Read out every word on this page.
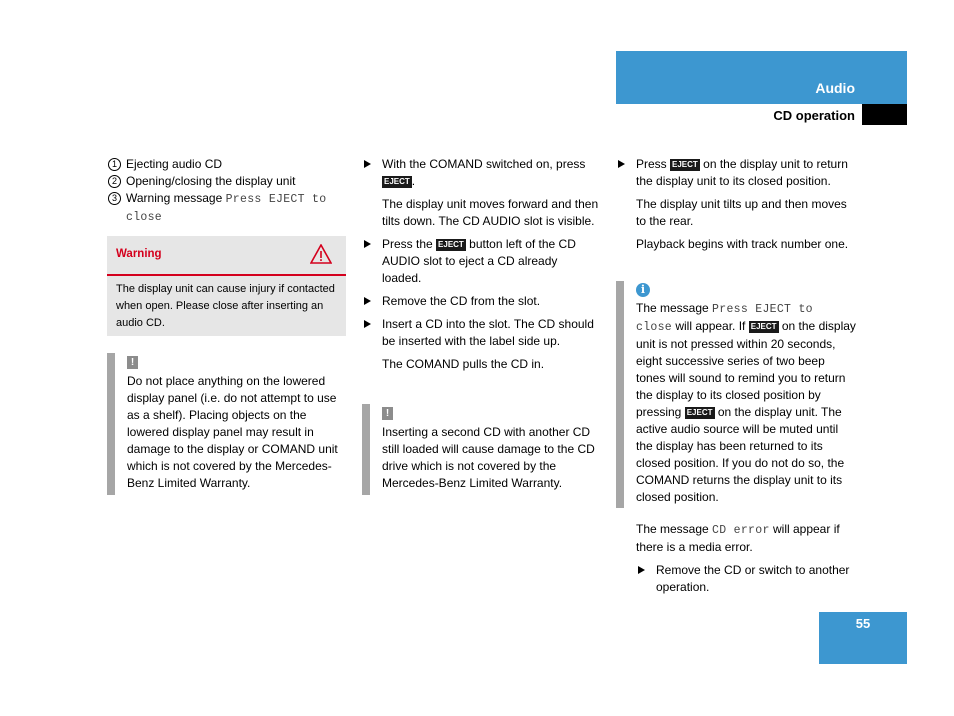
Audio
CD operation
1 Ejecting audio CD
2 Opening/closing the display unit
3 Warning message Press EJECT to close
Warning
The display unit can cause injury if contacted when open. Please close after inserting an audio CD.
!
Do not place anything on the lowered display panel (i.e. do not attempt to use as a shelf). Placing objects on the lowered display panel may result in damage to the display or COMAND unit which is not covered by the Mercedes-Benz Limited Warranty.

With the COMAND switched on, press EJECT .

The display unit moves forward and then tilts down. The CD AUDIO slot is visible.

Press the EJECT button left of the CD AUDIO slot to eject a CD already loaded.

Remove the CD from the slot.

Insert a CD into the slot. The CD should be inserted with the label side up.

The COMAND pulls the CD in.

!
Inserting a second CD with another CD still loaded will cause damage to the CD drive which is not covered by the Mercedes-Benz Limited Warranty.

Press EJECT on the display unit to return the display unit to its closed position.

The display unit tilts up and then moves to the rear.

Playback begins with track number one.

i
The message Press EJECT to close will appear. If EJECT on the display unit is not pressed within 20 seconds, eight successive series of two beep tones will sound to remind you to return the display to its closed position by pressing EJECT on the display unit. The active audio source will be muted until the display has been returned to its closed position. If you do not do so, the COMAND returns the display unit to its closed position.

The message CD error will appear if there is a media error.

Remove the CD or switch to another operation.

55
